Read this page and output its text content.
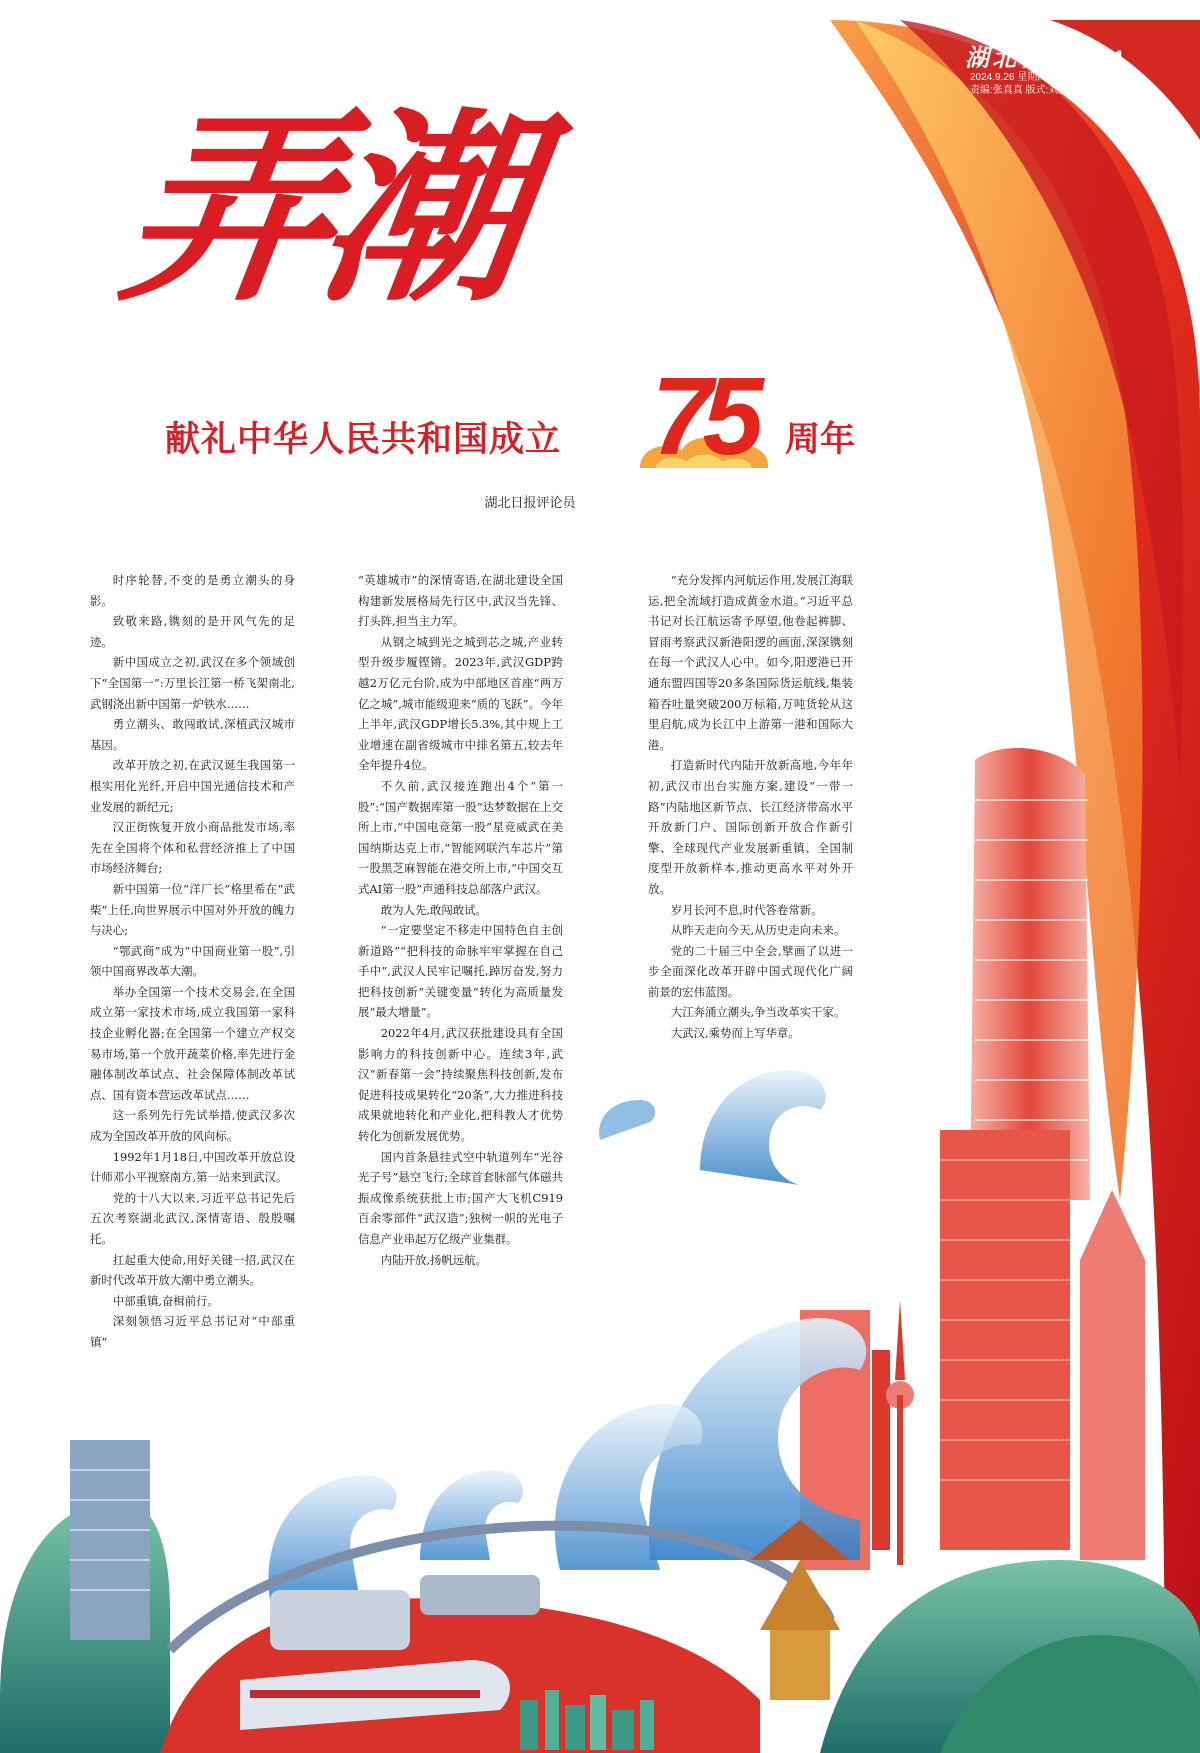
湖北日報
T01
2024.9.26 星期四
责编:张真真 版式:刘浩
弄潮
献礼中华人民共和国成立 75 周年
湖北日报评论员

时序轮替,不变的是勇立潮头的身影。

致敬来路,镌刻的是开风气先的足迹。

新中国成立之初,武汉在多个领域创下“全国第一”:万里长江第一桥飞架南北,武钢浇出新中国第一炉铁水……

勇立潮头、敢闯敢试,深植武汉城市基因。

改革开放之初,在武汉诞生我国第一根实用化光纤,开启中国光通信技术和产业发展的新纪元;

汉正街恢复开放小商品批发市场,率先在全国将个体和私营经济推上了中国市场经济舞台;

新中国第一位“洋厂长”格里希在“武柴”上任,向世界展示中国对外开放的魄力与决心;

“鄂武商”成为“中国商业第一股”,引领中国商界改革大潮。

举办全国第一个技术交易会,在全国成立第一家技术市场,成立我国第一家科技企业孵化器;在全国第一个建立产权交易市场,第一个放开蔬菜价格,率先进行金融体制改革试点、社会保障体制改革试点、国有资本营运改革试点……

这一系列先行先试举措,使武汉多次成为全国改革开放的风向标。

1992年1月18日,中国改革开放总设计师邓小平视察南方,第一站来到武汉。

党的十八大以来,习近平总书记先后五次考察湖北武汉,深情寄语、殷殷嘱托。

扛起重大使命,用好关键一招,武汉在新时代改革开放大潮中勇立潮头。

中部重镇,奋楫前行。

深刻领悟习近平总书记对“中部重镇”

“英雄城市”的深情寄语,在湖北建设全国构建新发展格局先行区中,武汉当先锋、打头阵,担当主力军。

从钢之城到光之城到芯之城,产业转型升级步履铿锵。2023年,武汉GDP跨越2万亿元台阶,成为中部地区首座“两万亿之城”,城市能级迎来“质的飞跃”。今年上半年,武汉GDP增长5.3%,其中规上工业增速在副省级城市中排名第五,较去年全年提升4位。

不久前,武汉接连跑出4个“第一股”:“国产数据库第一股”达梦数据在上交所上市,“中国电竞第一股”星竞威武在美国纳斯达克上市,“智能网联汽车芯片”第一股黑芝麻智能在港交所上市,“中国交互式AI第一股”声通科技总部落户武汉。

敢为人先,敢闯敢试。

“一定要坚定不移走中国特色自主创新道路”“把科技的命脉牢牢掌握在自己手中”,武汉人民牢记嘱托,踔厉奋发,努力把科技创新“关键变量”转化为高质量发展“最大增量”。

2022年4月,武汉获批建设具有全国影响力的科技创新中心。连续3年,武汉“新春第一会”持续聚焦科技创新,发布促进科技成果转化“20条”,大力推进科技成果就地转化和产业化,把科教人才优势转化为创新发展优势。

国内首条悬挂式空中轨道列车“光谷光子号”悬空飞行;全球首套脉部气体磁共振成像系统获批上市;国产大飞机C919百余零部件“武汉造”;独树一帜的光电子信息产业串起万亿级产业集群。

内陆开放,扬帆远航。

“充分发挥内河航运作用,发展江海联运,把全流域打造成黄金水道。”习近平总书记对长江航运寄予厚望,他卷起裤脚、冒雨考察武汉新港阳逻的画面,深深镌刻在每一个武汉人心中。如今,阳逻港已开通东盟四国等20多条国际货运航线,集装箱吞吐量突破200万标箱,万吨货轮从这里启航,成为长江中上游第一港和国际大港。

打造新时代内陆开放新高地,今年年初,武汉市出台实施方案,建设“一带一路”内陆地区新节点、长江经济带高水平开放新门户、国际创新开放合作新引擎、全球现代产业发展新重镇、全国制度型开放新样本,推动更高水平对外开放。

岁月长河不息,时代答卷常新。

从昨天走向今天,从历史走向未来。

党的二十届三中全会,擘画了以进一步全面深化改革开辟中国式现代化广阔前景的宏伟蓝图。

大江奔涌立潮头,争当改革实干家。

大武汉,乘势而上写华章。
